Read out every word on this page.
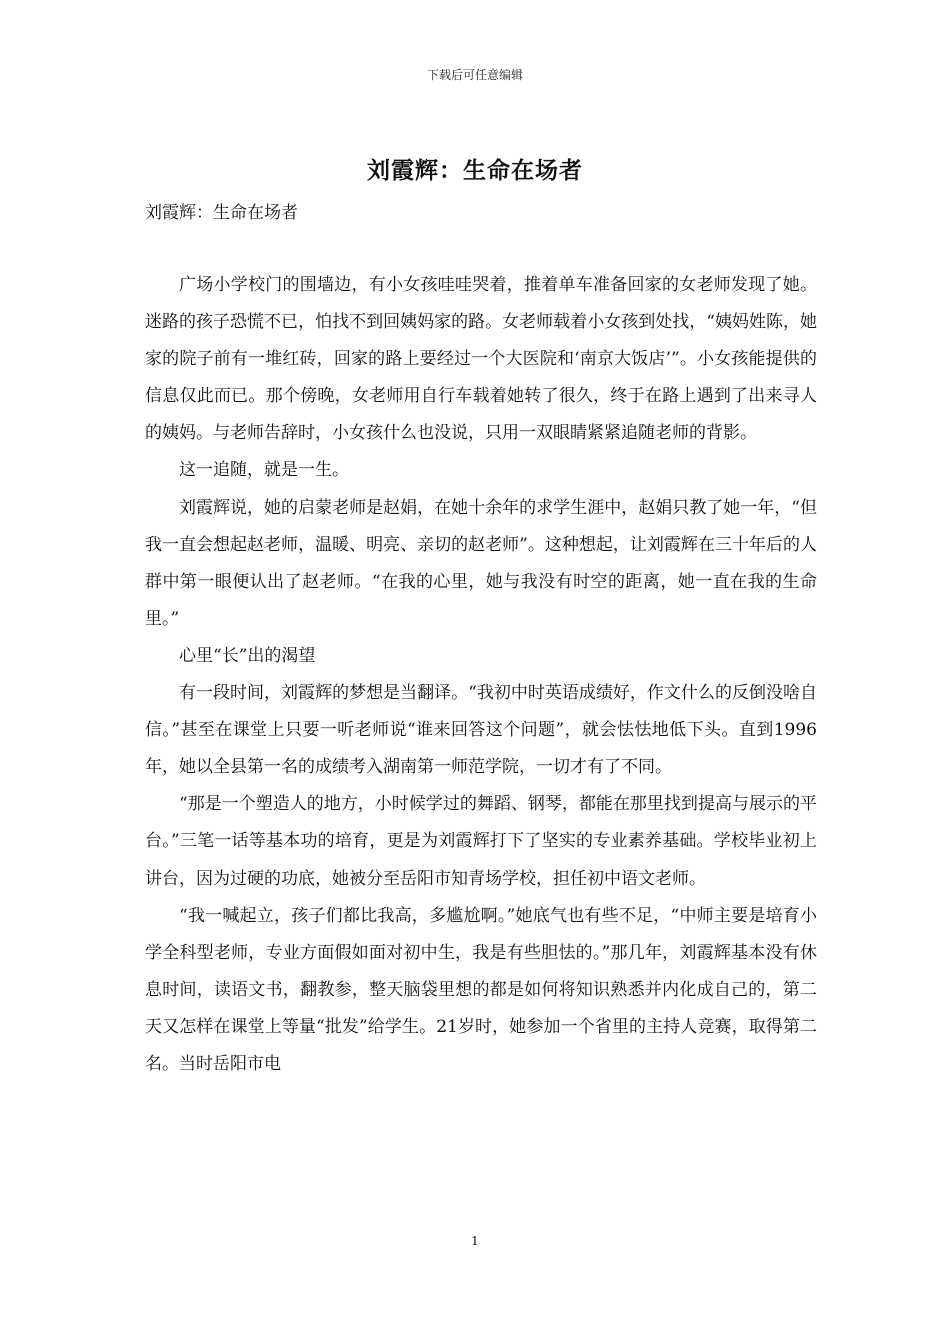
下载后可任意编辑
刘霞辉：生命在场者
刘霞辉：生命在场者

广场小学校门的围墙边，有小女孩哇哇哭着，推着单车准备回家的女老师发现了她。迷路的孩子恐慌不已，怕找不到回姨妈家的路。女老师载着小女孩到处找，“姨妈姓陈，她家的院子前有一堆红砖，回家的路上要经过一个大医院和‘南京大饭店’”。小女孩能提供的信息仅此而已。那个傍晚，女老师用自行车载着她转了很久，终于在路上遇到了出来寻人的姨妈。与老师告辞时，小女孩什么也没说，只用一双眼睛紧紧追随老师的背影。

这一追随，就是一生。

刘霞辉说，她的启蒙老师是赵娟，在她十余年的求学生涯中，赵娟只教了她一年，“但我一直会想起赵老师，温暖、明亮、亲切的赵老师”。这种想起，让刘霞辉在三十年后的人群中第一眼便认出了赵老师。“在我的心里，她与我没有时空的距离，她一直在我的生命里。”

心里“长”出的渴望

有一段时间，刘霞辉的梦想是当翻译。“我初中时英语成绩好，作文什么的反倒没啥自信。”甚至在课堂上只要一听老师说“谁来回答这个问题”，就会怯怯地低下头。直到1996年，她以全县第一名的成绩考入湖南第一师范学院，一切才有了不同。

“那是一个塑造人的地方，小时候学过的舞蹈、钢琴，都能在那里找到提高与展示的平台。”三笔一话等基本功的培育，更是为刘霞辉打下了坚实的专业素养基础。学校毕业初上讲台，因为过硬的功底，她被分至岳阳市知青场学校，担任初中语文老师。

“我一喊起立，孩子们都比我高，多尴尬啊。”她底气也有些不足，“中师主要是培育小学全科型老师，专业方面假如面对初中生，我是有些胆怯的。”那几年，刘霞辉基本没有休息时间，读语文书，翻教参，整天脑袋里想的都是如何将知识熟悉并内化成自己的，第二天又怎样在课堂上等量“批发”给学生。21岁时，她参加一个省里的主持人竞赛，取得第二名。当时岳阳市电

1
